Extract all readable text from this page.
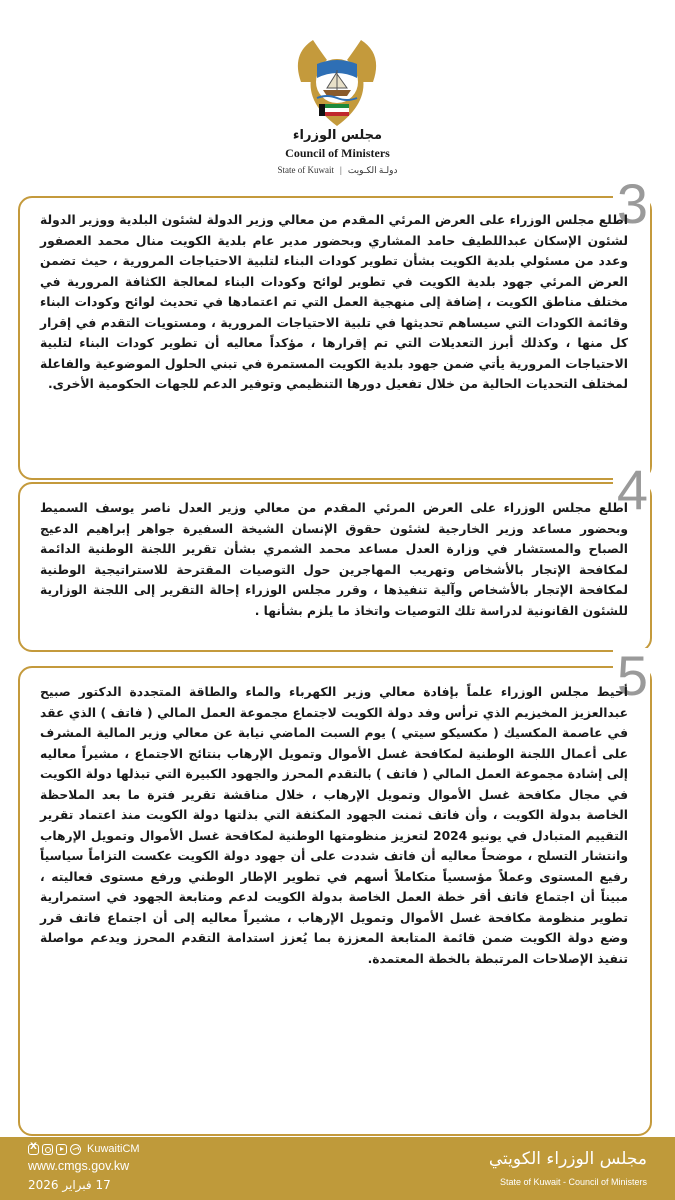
مجلس الوزراء
Council of Ministers
State of Kuwait | دولـة الكـويت
3
اطلع مجلس الوزراء على العرض المرئي المقدم من معالي وزير الدولة لشئون البلدية ووزير الدولة لشئون الإسكان عبداللطيف حامد المشاري وبحضور مدير عام بلدية الكويت منال محمد العصفور وعدد من مسئولي بلدية الكويت بشأن تطوير كودات البناء لتلبية الاحتياجات المرورية ، حيث تضمن العرض المرئي جهود بلدية الكويت في تطوير لوائح وكودات البناء لمعالجة الكثافة المرورية في مختلف مناطق الكويت ، إضافة إلى منهجية العمل التي تم اعتمادها في تحديث لوائح وكودات البناء وقائمة الكودات التي سيساهم تحديثها في تلبية الاحتياجات المرورية ، ومستويات التقدم في إقرار كل منها ، وكذلك أبرز التعديلات التي تم إقرارها ، مؤكداً معاليه أن تطوير كودات البناء لتلبية الاحتياجات المرورية يأتي ضمن جهود بلدية الكويت المستمرة في تبني الحلول الموضوعية والفاعلة لمختلف التحديات الحالية من خلال تفعيل دورها التنظيمي وتوفير الدعم للجهات الحكومية الأخرى.
4
اطلع مجلس الوزراء على العرض المرئي المقدم من معالي وزير العدل ناصر يوسف السميط وبحضور مساعد وزير الخارجية لشئون حقوق الإنسان الشيخة السفيرة جواهر إبراهيم الدعيج الصباح والمستشار في وزارة العدل مساعد محمد الشمري بشأن تقرير اللجنة الوطنية الدائمة لمكافحة الإتجار بالأشخاص وتهريب المهاجرين حول التوصيات المقترحة للاستراتيجية الوطنية لمكافحة الإتجار بالأشخاص وآلية تنفيذها ، وقرر مجلس الوزراء إحالة التقرير إلى اللجنة الوزارية للشئون القانونية لدراسة تلك التوصيات واتخاذ ما يلزم بشأنها .
5
أحيط مجلس الوزراء علماً بإفادة معالي وزير الكهرباء والماء والطاقة المتجددة الدكتور صبيح عبدالعزيز المخيزيم الذي ترأس وفد دولة الكويت لاجتماع مجموعة العمل المالي ( فاتف ) الذي عقد في عاصمة المكسيك ( مكسيكو سيتي ) يوم السبت الماضي نيابة عن معالي وزير المالية المشرف على أعمال اللجنة الوطنية لمكافحة غسل الأموال وتمويل الإرهاب بنتائج الاجتماع ، مشيراً معاليه إلى إشادة مجموعة العمل المالي ( فاتف ) بالتقدم المحرز والجهود الكبيرة التي تبذلها دولة الكويت في مجال مكافحة غسل الأموال وتمويل الإرهاب ، خلال مناقشة تقرير فترة ما بعد الملاحظة الخاصة بدولة الكويت ، وأن فاتف ثمنت الجهود المكثفة التي بذلتها دولة الكويت منذ اعتماد تقرير التقييم المتبادل في يونيو 2024 لتعزيز منظومتها الوطنية لمكافحة غسل الأموال وتمويل الإرهاب وانتشار التسلح ، موضحاً معاليه أن فاتف شددت على أن جهود دولة الكويت عكست التزاماً سياسياً رفيع المستوى وعملاً مؤسسياً متكاملاً أسهم في تطوير الإطار الوطني ورفع مستوى فعاليته ، مبيناً أن اجتماع فاتف أقر خطة العمل الخاصة بدولة الكويت لدعم ومتابعة الجهود في استمرارية تطوير منظومة مكافحة غسل الأموال وتمويل الإرهاب ، مشيراً معاليه إلى أن اجتماع فاتف قرر وضع دولة الكويت ضمن قائمة المتابعة المعززة بما يُعزز استدامة التقدم المحرز ويدعم مواصلة تنفيذ الإصلاحات المرتبطة بالخطة المعتمدة.
X
KuwaitiCM
www.cmgs.gov.kw
17 فبراير 2026
مجلس الوزراء الكويتي
State of Kuwait - Council of Ministers
